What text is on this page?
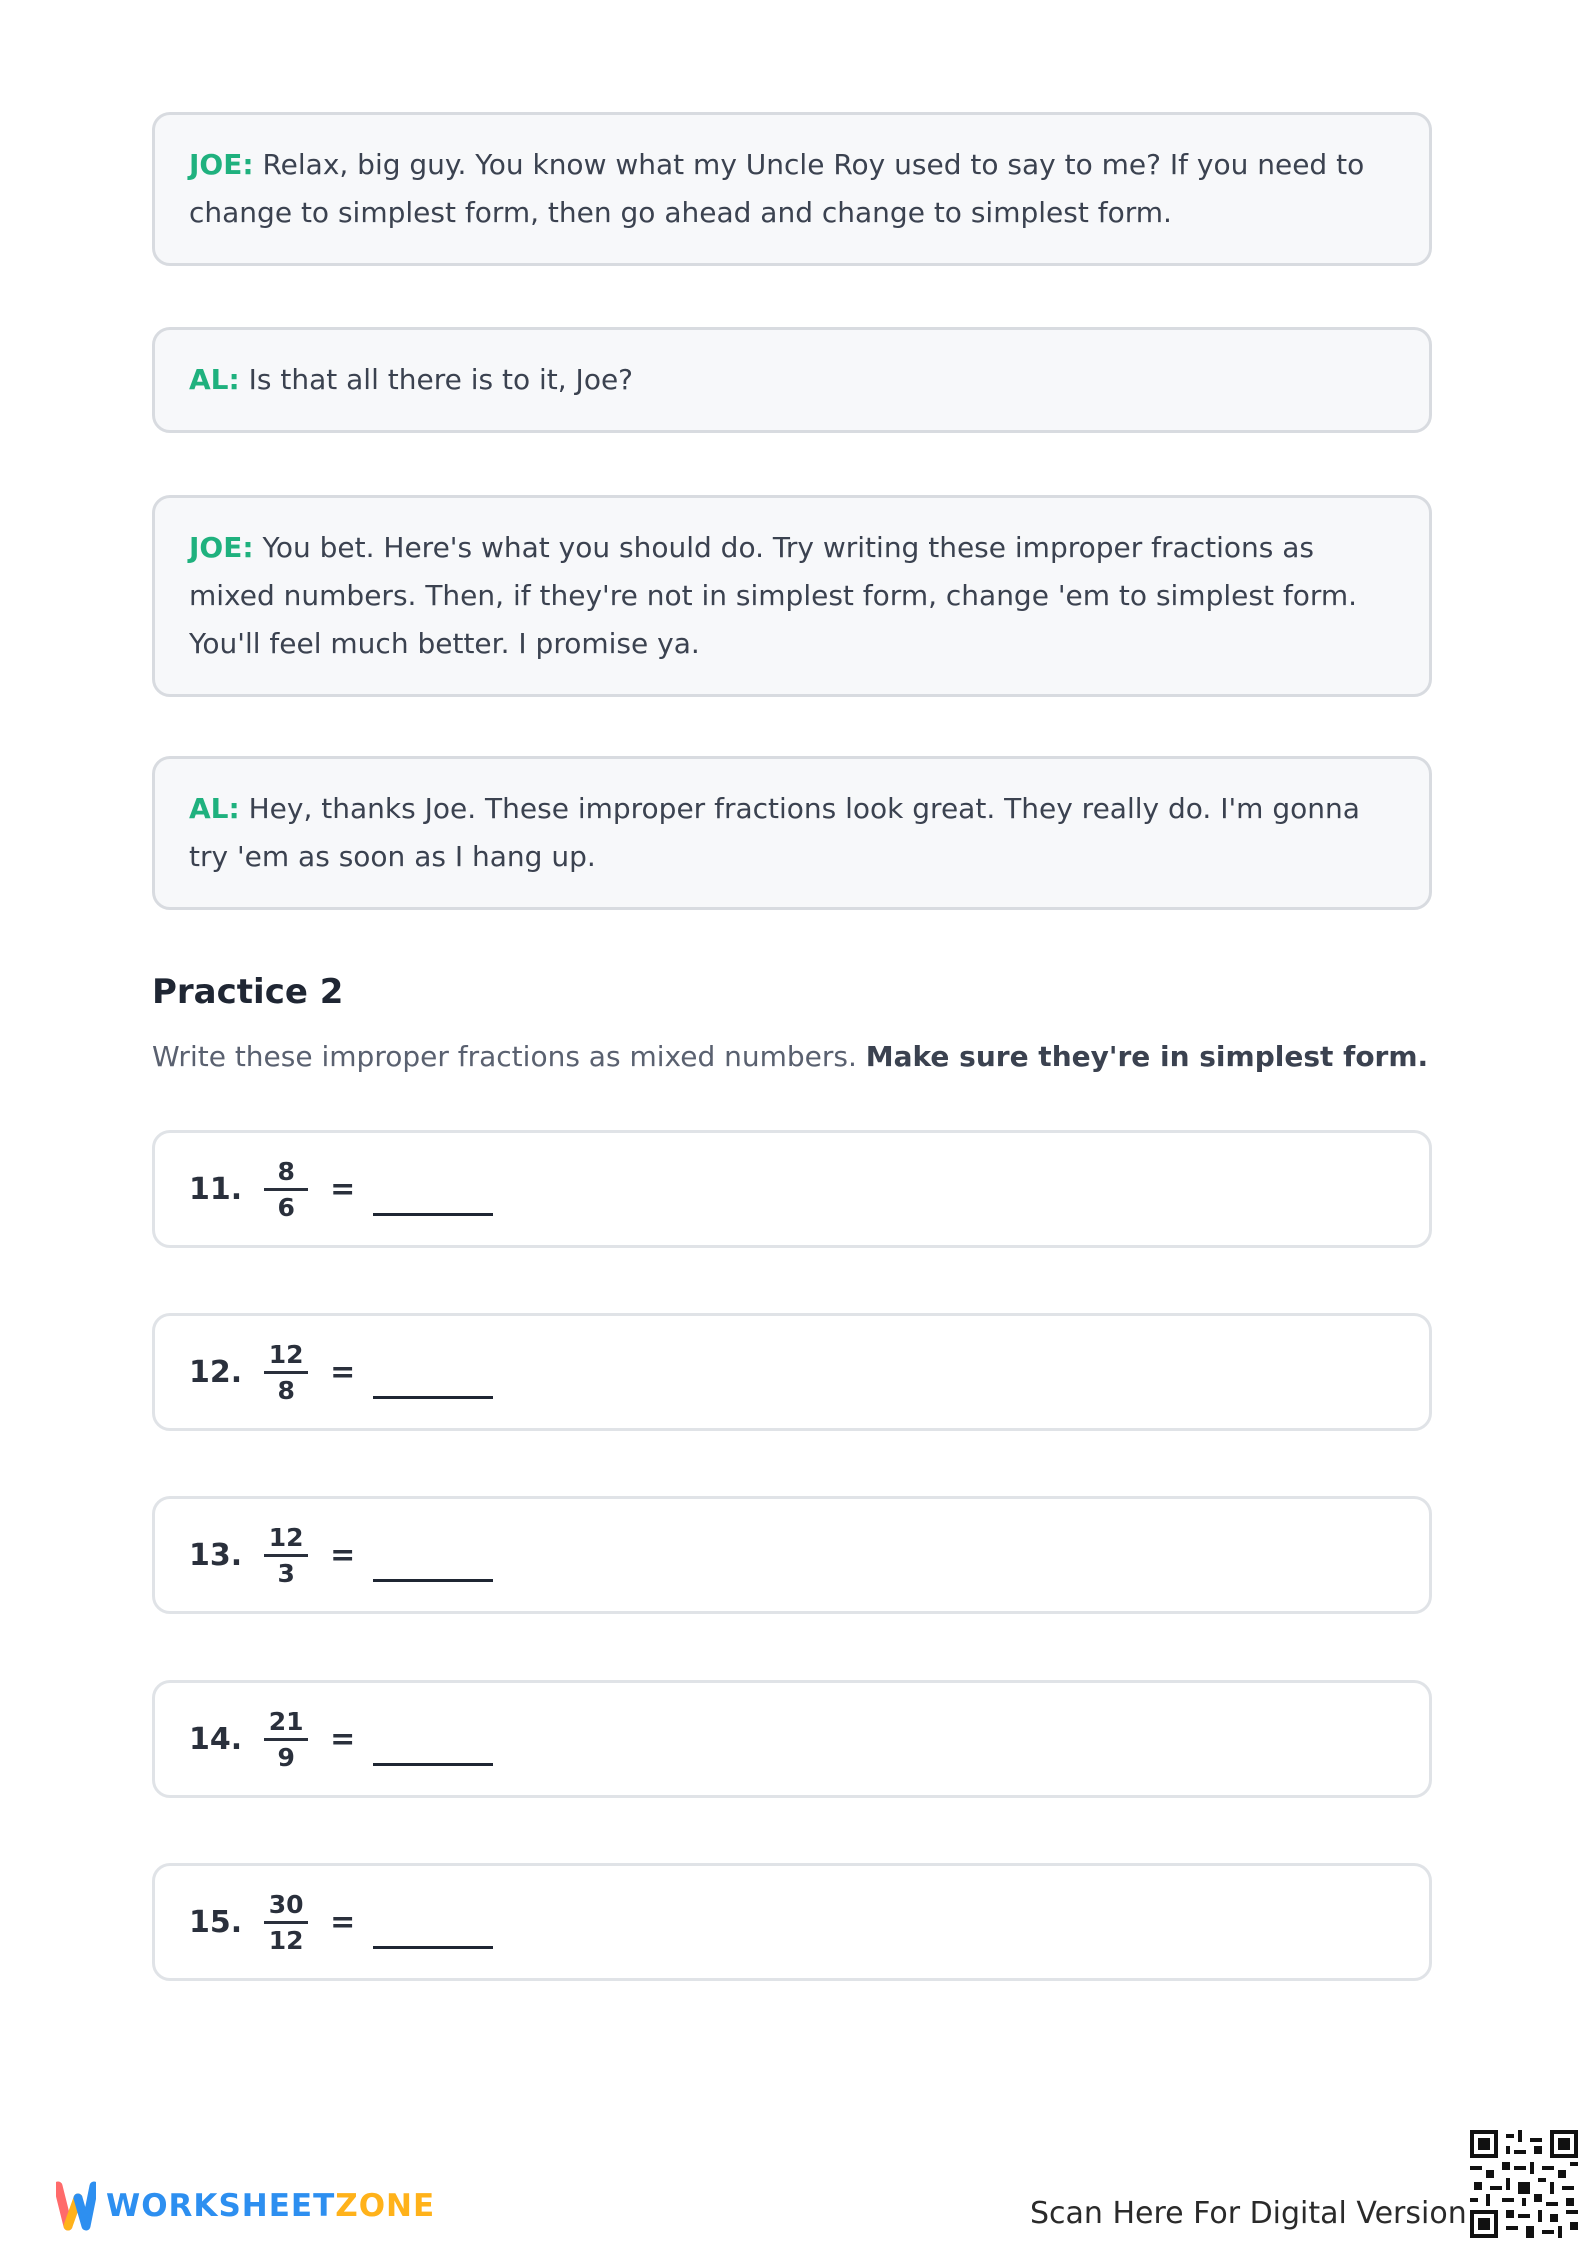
JOE: Relax, big guy. You know what my Uncle Roy used to say to me? If you need to change to simplest form, then go ahead and change to simplest form.
AL: Is that all there is to it, Joe?
JOE: You bet. Here's what you should do. Try writing these improper fractions as mixed numbers. Then, if they're not in simplest form, change 'em to simplest form. You'll feel much better. I promise ya.
AL: Hey, thanks Joe. These improper fractions look great. They really do. I'm gonna try 'em as soon as I hang up.
Practice 2
Write these improper fractions as mixed numbers. Make sure they're in simplest form.
11. $\frac{8}{6}$ =
12. $\frac{12}{8}$ =
13. $\frac{12}{3}$ =
14. $\frac{21}{9}$ =
15. $\frac{30}{12}$ =
WORKSHEETZONE	Scan Here For Digital Version
